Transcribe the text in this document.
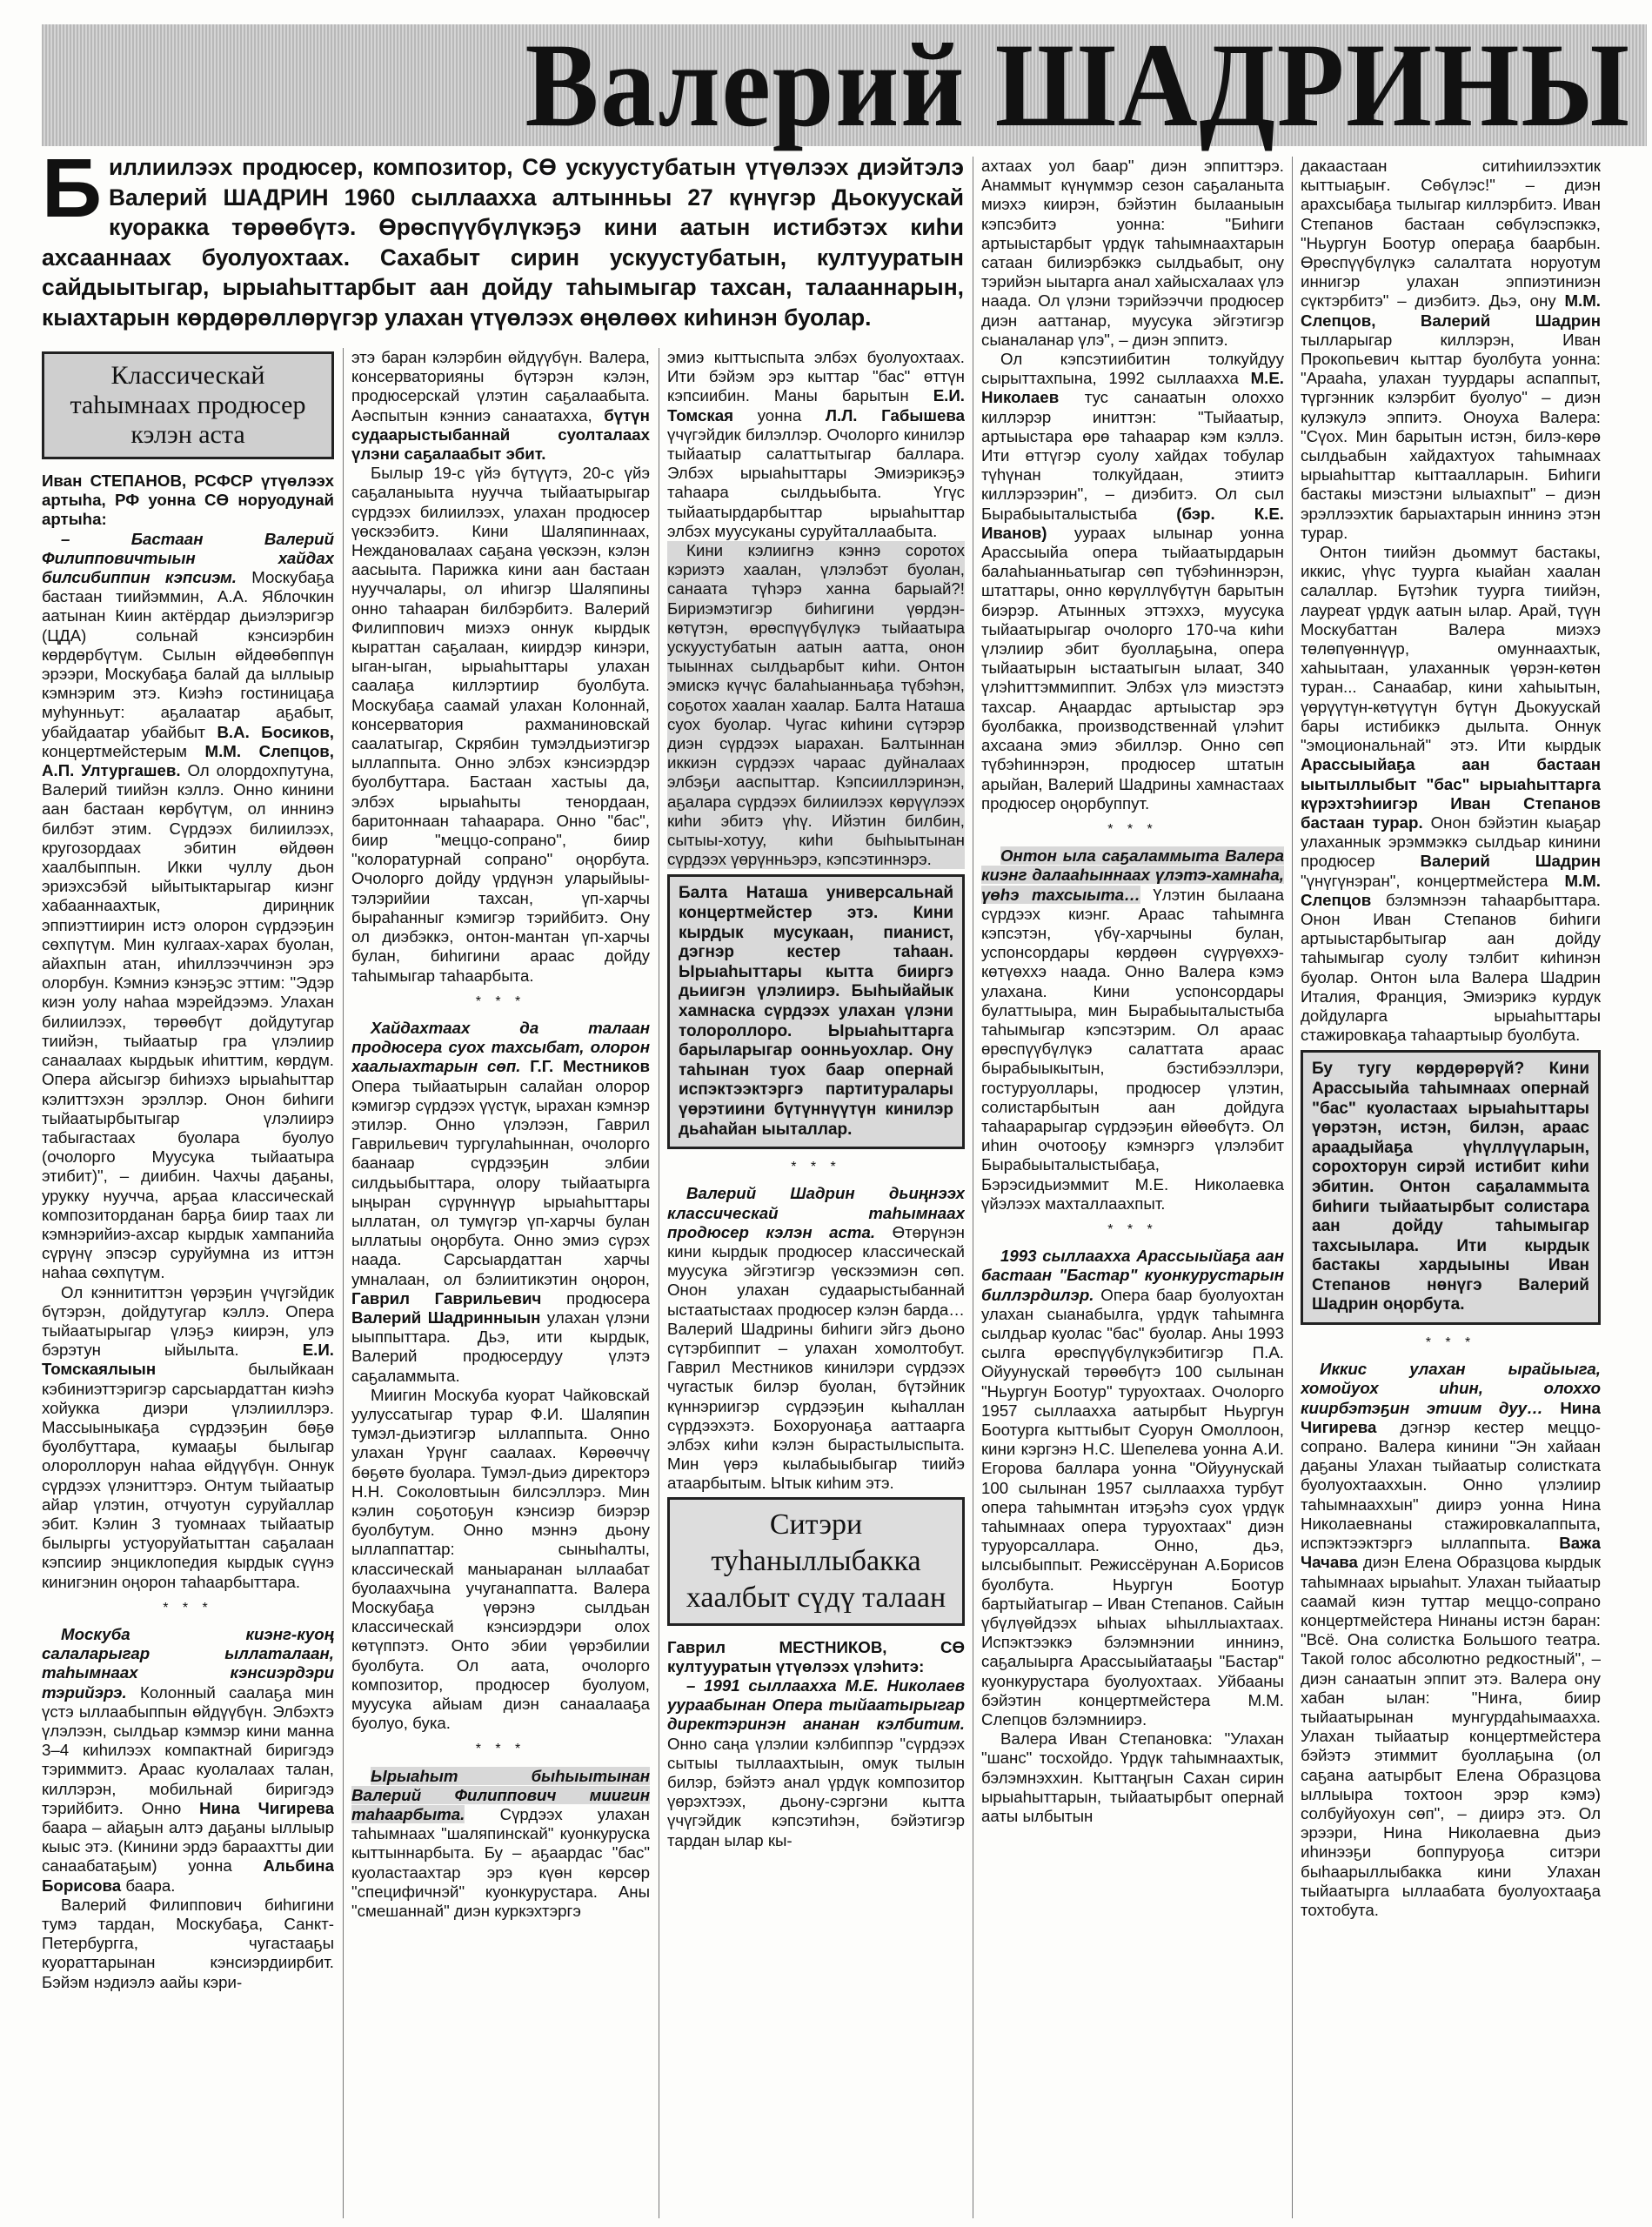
Валерий ШАДРИНЫ
Б иллиилээх продюсер, композитор, СӨ ускуустубатын үтүөлээх диэйтэлэ Валерий ШАДРИН 1960 сыллаахха алтынньы 27 күнүгэр Дьокуускай куоракка төрөөбүтэ. Өрөспүүбүлүкэҕэ кини аатын истибэтэх киһи ахсааннаах буолуохтаах. Сахабыт сирин ускуустубатын, култууратын сайдыытыгар, ырыаһыттарбыт аан дойду таһымыгар тахсан, талааннарын, кыахтарын көрдөрөллөрүгэр улахан үтүөлээх өңөлөөх киһинэн буолар.
Классическай таһымнаах продюсер кэлэн аста

Иван СТЕПАНОВ, РСФСР үтүөлээх артыһа, РФ уонна СӨ норуодунай артыһа:

– Бастаан Валерий Филипповичтыын хайдах билсибиппин кэпсиэм. Москубаҕа бастаан тиийэммин, А.А. Яблочкин аатынан Киин актёрдар дьиэлэригэр (ЦДА) сольнай кэнсиэрбин көрдөрбүтүм. Сылын өйдөөбөппүн эрээри, Москубаҕа балай да ыллыыр кэмнэрим этэ. Киэһэ гостиницаҕа муһунньут: аҕалаатар аҕабыт, убайдаатар убайбыт В.А. Босиков, концертмейстерым М.М. Слепцов, А.П. Ултургашев. Ол олордохпутуна, Валерий тиийэн кэллэ. Онно кинини аан бастаан көрбүтүм, ол иннинэ билбэт этим. Сүрдээх билиилээх, кругозордаах эбитин өйдөөн хаалбыппын. Икки чуллу дьон эриэхсэбэй ыйытыктарыгар киэнг хабааннаахтык, дириңник эппиэттиирин истэ олорон сүрдээҕин сөхпүтүм. Мин кулгаах-харах буолан, айахпын атан, иһиллээччинэн эрэ олорбун. Кэмниэ кэнэҕэс эттим: "Эдэр киэн уолу наһаа мэрейдээмэ. Улахан билиилээх, төрөөбүт дойдутугар тиийэн, тыйаатыр гра үлэлиир санаалаах кырдьык иһиттим, көрдүм. Опера айсыгэр биһиэхэ ырыаһыттар кэлиттэхэн эрэллэр. Онон биһиги тыйаатырбытыгар үлэлиирэ табыгастаах буолара буолуо (очолорго Муусука тыйаатыра этибит)", – диибин. Чахчы даҕаны, урукку нуучча, арҕаа классическай композиторданан барҕа биир таах ли кэмнэрийиэ-ахсар кырдык хампанийа сүрүнү эпэсэр суруйумна из иттэн наһаа сөхпүтүм.

Ол кэннититтэн үөрэҕин үчүгэйдик бүтэрэн, дойдутугар кэллэ. Опера тыйаатырыгар үлэҕэ киирэн, улэ бэрэтун ыйылыта.	Е.И. Томскаялыын	былыйкаан кэбиниэттэригэр сарсыардаттан киэһэ хойукка диэри үлэлииллэрэ. Массыыныкаҕа сүрдээҕин бөҕө буолбуттара, кумааҕы былыгар олороллорун наһаа өйдүүбүн. Оннук сүрдээх үлэниттэрэ. Онтум тыйаатыр айар үлэтин, отчуотун суруйаллар эбит. Кэлин 3 туомнаах тыйаатыр былыргы устуоруйатыттан саҕалаан кэпсиир энциклопедия кырдык сүүнэ кинигэнин оңорон таһаарбыттара.

* * *

Москуба киэнг-куоң салаларыгар ыллаталаан, таһымнаах кэнсиэрдэри тэрийэрэ. Колонный саалаҕа мин үстэ ыллаабыппын өйдүүбүн. Элбэхтэ үлэлээн, сылдьар кэммэр кини манна 3–4 киһилээх компактнай биригэдэ тэриммитэ. Араас куолалаах талан, киллэрэн, мобильнай биригэдэ тэрийбитэ. Онно Нина Чигирева баара – айаҕын алтэ даҕаны ыллыыр кыыс этэ. (Кинини эрдэ бараахтты дии санаабатаҕым) уонна Альбина Борисова баара.

Валерий Филиппович биһигини тумэ тардан, Москубаҕа, Санкт-Петербургга, чугастааҕы куораттарынан кэнсиэрдиирбит. Бэйэм нэдиэлэ аайы кэри-

этэ баран кэлэрбин өйдүүбүн. Валера, консерваторияны бүтэрэн кэлэн, продюсерскай үлэтин саҕалаабыта. Аәспытын кэнниэ санаатахха, бүтүн судаарыстыбаннай суолталаах үлэни саҕалаабыт эбит.

Былыр 19-с үйэ бүтүүтэ, 20-с үйэ саҕаланыыта нуучча тыйаатырыгар сүрдээх билиилээх, улахан продюсер үөскээбитэ. Кини Шаляпиннаах, Неждановалаах саҕана үөскээн, кэлэн аасыыта. Парижка кини аан бастаан нууччалары, ол иһигэр Шаляпины онно таһааран билбэрбитэ. Валерий Филиппович миэхэ оннук кырдык кыраттан саҕалаан, киирдэр кинэри, ыган-ыган, ырыаһыттары улахан саалаҕа киллэртиир буолбута. Москубаҕа саамай улахан Колоннай, консерватория рахманиновскай саалатыгар, Скрябин тумэлдьиэтигэр ыллаппыта. Онно элбэх кэнсиэрдэр буолбуттара. Бастаан хастыы да, элбэх ырыаһыты тенордаан, баритоннаан таһаарара. Онно "бас", биир "меццо-сопрано", биир "колоратурнай сопрано" оңорбута. Очолорго дойду үрдүнэн уларыйыы-тэлэрийии тахсан, үп-харчы быраһанныг кэмигэр тэрийбитэ. Ону ол диэбэккэ, онтон-мантан үп-харчы булан, биһигини араас дойду таһымыгар таһаарбыта.

* * *

Хайдахтаах да талаан продюсера суох тахсыбат, олорон хаалыахтарын сөп. Г.Г. Местников Опера тыйаатырын салайан олорор кэмигэр сүрдээх үүстүк, ырахан кэмнэр этилэр. Онно үлэлээн, Гаврил Гаврильевич тургулаһыннан, очолорго баанаар сүрдээҕин элбии силдьыбыттара, олору тыйаатырга ыңыран сүрүннүүр ырыаһыттары ыллатан, ол тумүгэр үп-харчы булан ыллатыы оңорбута. Онно эмиэ сүрэх наада. Сарсыардаттан харчы умналаан, ол бэлиитикэтин оңорон, Гаврил Гаврильевич продюсера Валерий Шадринныын улахан үлэни ыыппыттара. Дьэ, ити кырдык, Валерий продюсердуу үлэтэ саҕаламмыта.

Миигин Москуба куорат Чайковскай уулуссатыгар турар Ф.И. Шаляпин тумэл-дьиэтигэр ыллаппыта. Онно улахан Үрүнг саалаах. Көрөөччү бөҕөтө буолара. Тумэл-дьиэ директорэ Н.Н. Соколовтыын билсэллэрэ. Мин кэлин соҕотоҕун кэнсиэр биэрэр буолбутум. Онно мэннэ дьону ыллаппаттар: сыныһалты, классическай маныаранан ыллаабат буолаахчына учуганаппатта. Валера Москубаҕа үөрэнэ сылдьан классическай кэнсиэрдэри олох көтүппэтэ. Онто эбии үөрэбилии буолбута. Ол аата, очолорго композитор, продюсер буолуом, муусука айыам диэн санаалааҕа буолуо, бука.

* * *

Ырыаһыт быһыытынан Валерий Филиппович миигин таһаарбыта. Сүрдээх улахан таһымнаах "шаляпинскай" куонкуруска кыттыннарбыта. Бу – аҕаардас "бас" куоластаахтар эрэ күөн көрсөр "специфичнэй" куонкурустара. Аны "смешаннай" диэн куркэхтэргэ

эмиэ кыттыспыта элбэх буолуохтаах. Ити бэйэм эрэ кыттар "бас" өттүн кэпсиибин. Маны барытын Е.И. Томская уонна Л.Л. Габышева үчүгэйдик билэллэр. Очолорго кинилэр тыйаатыр салаттытыгар баллара. Элбэх ырыаһыттары Эмиэрикэҕэ таһаара сылдьыбыта. Үгүс тыйаатырдарбыттар ырыаһыттар элбэх муусуканы суруйталлаабыта.

Кини кэлиигнэ кэннэ соротох кэриэтэ хаалан, үлэлэбэт буолан, санаата түһэрэ ханна барыай?! Бириэмэтигэр биһигини үөрдэн-көтүтэн, өрөспүүбүлүкэ тыйаатыра ускуустубатын аатын аатта, онон тыыннах сылдьарбыт киһи. Онтон эмискэ күчүс балаһыанньаҕа түбэһэн, соҕотох хаалан хаалар. Балта Наташа суох буолар. Чугас киһини сүтэрэр диэн сүрдээх ыарахан. Балтыннан иккиэн сүрдээх чараас дуйналаах элбэҕи ааспыттар. Кэпсииллэринэн, аҕалара сүрдээх билиилээх көрүүлээх киһи эбитэ үһү. Ийэтин билбин, сытыы-хотуу, киһи быһыытынан сүрдээх үөрүнньэрэ, кэпсэтиннэрэ.

Балта Наташа универсальнай концертмейстер этэ. Кини кырдык мусукаан, пианист, дэгнэр кестер таһаан. Ырыаһыттары кытта бииргэ дьиигэн үлэлиирэ. Быһыйайык хамнаска сүрдээх улахан үлэни толороллоро. Ырыаһыттарга барыларыгар оонньуохлар. Ону таһынан туох баар опернай испэктээктэргэ партитуралары үөрэтиини бүтүннүүтүн кинилэр дьаһайан ыыталлар.

* * *

Валерий Шадрин дьиңнээх классическай таһымнаах продюсер кэлэн аста. Өтөрүнэн кини кырдык продюсер классическай муусука эйгэтигэр үөскээмиэн сөп. Онон улахан судаарыстыбаннай ыстаатыстаах продюсер кэлэн барда… Валерий Шадрины биһиги эйгэ дьоно сүтэрбиппит – улахан хомолтобут. Гаврил Местников кинилэри сүрдээх чугастык билэр буолан, бүтэйник күннэриигэр сүрдээҕин кыһаллан сүрдээхэтэ. Бохоруонаҕа ааттаарга элбэх киһи кэлэн бырастылыспыта. Мин үөрэ кылабыыбыгар тиийэ атаарбытым. Ытык киһим этэ.

Ситэри туһаныллыбакка хаалбыт сүдү талаан

Гаврил МЕСТНИКОВ, СӨ култууратын үтүөлээх үлэһитэ:

– 1991 сыллаахха М.Е. Николаев уураабынан Опера тыйаатырыгар директэринэн ананан кэлбитим. Онно саңа үлэлии кэлбиппэр "сүрдээх сытыы тыллаахтыын, омук тылын билэр, бэйэтэ анал үрдүк композитор үөрэхтээх, дьону-сэргэни кытта үчүгэйдик кэпсэтиһэн, бэйэтигэр тардан ылар кы-

ахтаах уол баар" диэн эппиттэрэ. Анаммыт күнүммэр сезон саҕаланыта миэхэ киирэн, бэйэтин былааныын кэпсэбитэ уонна: "Биһиги артыыстарбыт үрдүк таһымнаахтарын сатаан билиэрбэккэ сылдьабыт, ону тэрийэн ыытарга анал хайысхалаах үлэ наада. Ол үлэни тэрийээччи продюсер диэн ааттанар, муусука эйгэтигэр сыаналанар үлэ", – диэн эппитэ.

Ол кэпсэтиибитин толкуйдуу сырыттахпына, 1992 сыллаахха М.Е. Николаев тус санаатын олоххо киллэрэр иниттэн: "Тыйаатыр, артыыстара өрө таһаарар кэм кэллэ. Ити өттүгэр суолу хайдах тобулар түһүнан толкуйдаан, этиитэ киллэрээрин", – диэбитэ. Ол сыл Бырабыыталыстыба (бэр. К.Е. Иванов) уураах ылынар уонна Арассыыйа опера тыйаатырдарын балаһыанньатыгар сөп түбэһиннэрэн, штаттары, онно көрүллүбүтүн барытын биэрэр. Атынных эттэххэ, муусука тыйаатырыгар очолорго 170-ча киһи үлэлиир эбит буоллаҕына, опера тыйаатырын ыстаатыгын ылаат, 340 үлэһиттэммиппит. Элбэх үлэ миэстэтэ тахсар. Аңаардас артыыстар эрэ буолбакка, производственнай үлэһит ахсаана эмиэ эбиллэр. Онно сөп түбэһиннэрэн, продюсер штатын арыйан, Валерий Шадрины хамнастаах продюсер оңорбуппут.

* * *

Онтон ыла саҕаламмыта Валера киэнг далааһыннаах үлэтэ-хамнаһа, үөһэ тахсыыта… Үлэтин былаана сүрдээх киэнг. Араас таһымнга кэпсэтэн, үбү-харчыны булан, успонсордары көрдөөн сүүрүөххэ-көтүөххэ наада. Онно Валера кэмэ улахана. Кини успонсордары булаттыыра, мин Бырабыыталыстыба таһымыгар кэпсэтэрим. Ол араас өрөспүүбүлүкэ салаттата араас бырабыыкытын, бэстибээллэри, гостуруоллары, продюсер үлэтин, солистарбытын аан дойдуга таһаарарыгар сүрдээҕин өйөөбүтэ. Ол иһин очотооҕу кэмнэргэ үлэлэбит Бырабыыталыстыбаҕа, Бэрэсидьиэммит М.Е. Николаевка үйэлээх махталлаахпыт.

* * *

1993 сыллаахха Арассыыйаҕа аан бастаан "Бастар" куонкурустарын биллэрдилэр. Опера баар буолуохтан улахан сыанабылга, үрдүк таһымнга сылдьар куолас "бас" буолар. Аны 1993 сылга өрөспүүбүлүкэбитигэр П.А. Ойуунускай төрөөбүтэ 100 сылынан "Ньургун Боотур" туруохтаах. Очолорго 1957 сыллаахха аатырбыт Ньургун Боотурга кыттыбыт Суорун Омоллоон, кини кэргэнэ Н.С. Шепелева уонна А.И. Егорова баллара уонна "Ойуунускай 100 сылынан 1957 сыллаахха турбут опера таһымнтан итэҕэһэ суох үрдүк таһымнаах опера туруохтаах" диэн туруорсаллара. Онно, дьэ, ылсыбыппыт. Режиссёрунан А.Борисов буолбута. Ньургун Боотур бартыйатыгар – Иван Степанов. Сайын үбүлүөйдээх ыһыах ыһыллыахтаах. Испэктээккэ бэлэмнэнии иннинэ, саҕалыырга Арассыыйатааҕы "Бастар" куонкурустара буолуохтаах. Уйбааны бэйэтин концертмейстера М.М. Слепцов бэлэмниирэ.

Валера Иван Степановка: "Улахан "шанс" тосхойдо. Үрдүк таһымнаахтык, бэлэмнэххин. Кыттаңгын Сахан сирин ырыаһыттарын, тыйаатырбыт опернай ааты ылбытын

дакаастаан ситиһиилээхтик кыттыаҕыҥ. Сөбүлэс!" – диэн арахсыбаҕа тылыгар киллэрбитэ. Иван Степанов бастаан сөбүлэспэккэ, "Ньургун Боотур операҕа баарбын. Өрөспүүбүлүкэ салалтата норуотум иннигэр улахан эппиэтиниэн сүктэрбитэ" – диэбитэ. Дьэ, ону М.М. Слепцов, Валерий Шадрин тылларыгар киллэрэн, Иван Прокопьевич кыттар буолбута уонна: "Арааһа, улахан туурдары аспаппыт, түргэнник кэлэрбит буолуо" – диэн кулэкулэ эппитэ. Оноуха Валера: "Сүох. Мин барытын истэн, билэ-көрө сылдьабын хайдахтуох таһымнаах ырыаһыттар кыттаалларын. Биһиги бастакы миэстэни ылыахпыт" – диэн эрэллээхтик барыахтарын иннинэ этэн турар.

Онтон тиийэн дьоммут бастакы, иккис, үһүс туурга кыайан хаалан салаллар. Бүтэһик туурга тиийэн, лауреат үрдүк аатын ылар. Арай, түүн Москубаттан Валера миэхэ төлөпүөннүүр, омуннаахтык, хаһыытаан, улаханнык үөрэн-көтөн туран... Санаабар, кини хаһыытын, үөрүүтүн-көтүүтүн бүтүн Дьокуускай бары истибиккэ дылыта. Оннук "эмоциональнай" этэ. Ити кырдык Арассыыйаҕа аан бастаан ыытыллыбыт "бас" ырыаһыттарга күрэхтэһиигэр Иван Степанов бастаан турар. Онон бэйэтин кыаҕар улаханнык эрэммэккэ сылдьар кинини продюсер	Валерий Шадрин "үнүгүнэран", концертмейстера М.М. Слепцов бэлэмнээн таһаарбыттара. Онон Иван Степанов биһиги артыыстарбытыгар аан дойду таһымыгар суолу тэлбит киһинэн буолар. Онтон ыла Валера Шадрин Италия, Франция, Эмиэрикэ курдук дойдуларга ырыаһыттары стажировкаҕа таһаартыыр буолбута.

Бу тугу көрдөрөрүй? Кини Арассыыйа таһымнаах опернай "бас" куоластаах ырыаһыттары үөрэтэн, истэн, билэн, араас араадыйаҕа үһүллүүларын, сорохторун сирэй истибит киһи эбитин. Онтон саҕаламмыта биһиги тыйаатырбыт солистара аан дойду таһымыгар тахсыылара. Ити кырдык бастакы хардыыны Иван Степанов нөнүгэ Валерий Шадрин оңорбута.

* * *

Иккис улахан ырайыыга, хомойуох иһин, олоххо киирбэтэҕин этиим дуу… Нина Чигирева дэгнэр кестер меццо-сопрано. Валера кинини "Эн хайаан даҕаны Улахан тыйаатыр солистката буолуохтааххын. Онно үлэлиир таһымнааххын" диирэ уонна Нина Николаевнаны стажировкалаппыта, испэктээктэргэ ыллаппыта. Важа Чачава диэн Елена Образцова кырдык таһымнаах ырыаһыт. Улахан тыйаатыр саамай киэн туттар меццо-сопрано концертмейстера Нинаны истэн баран: "Всё. Она солистка Большого театра. Такой голос абсолютно редкостный", – диэн санаатын эппит этэ. Валера ону хабан ылан: "Ниҥа, биир тыйаатырынан мунгурдаһымаахха. Улахан тыйаатыр концертмейстера бэйэтэ этиммит буоллаҕына (ол саҕана аатырбыт Елена Образцова ыллыыра тохтоон эрэр кэмэ) солбуйуохун сөп", – диирэ этэ. Ол эрээри, Нина Николаевна дьиэ иһинээҕи боппуруоҕа ситэри быһаарыллыбакка кини Улахан тыйаатырга ыллаабата буолуохтааҕа тохтобута.
